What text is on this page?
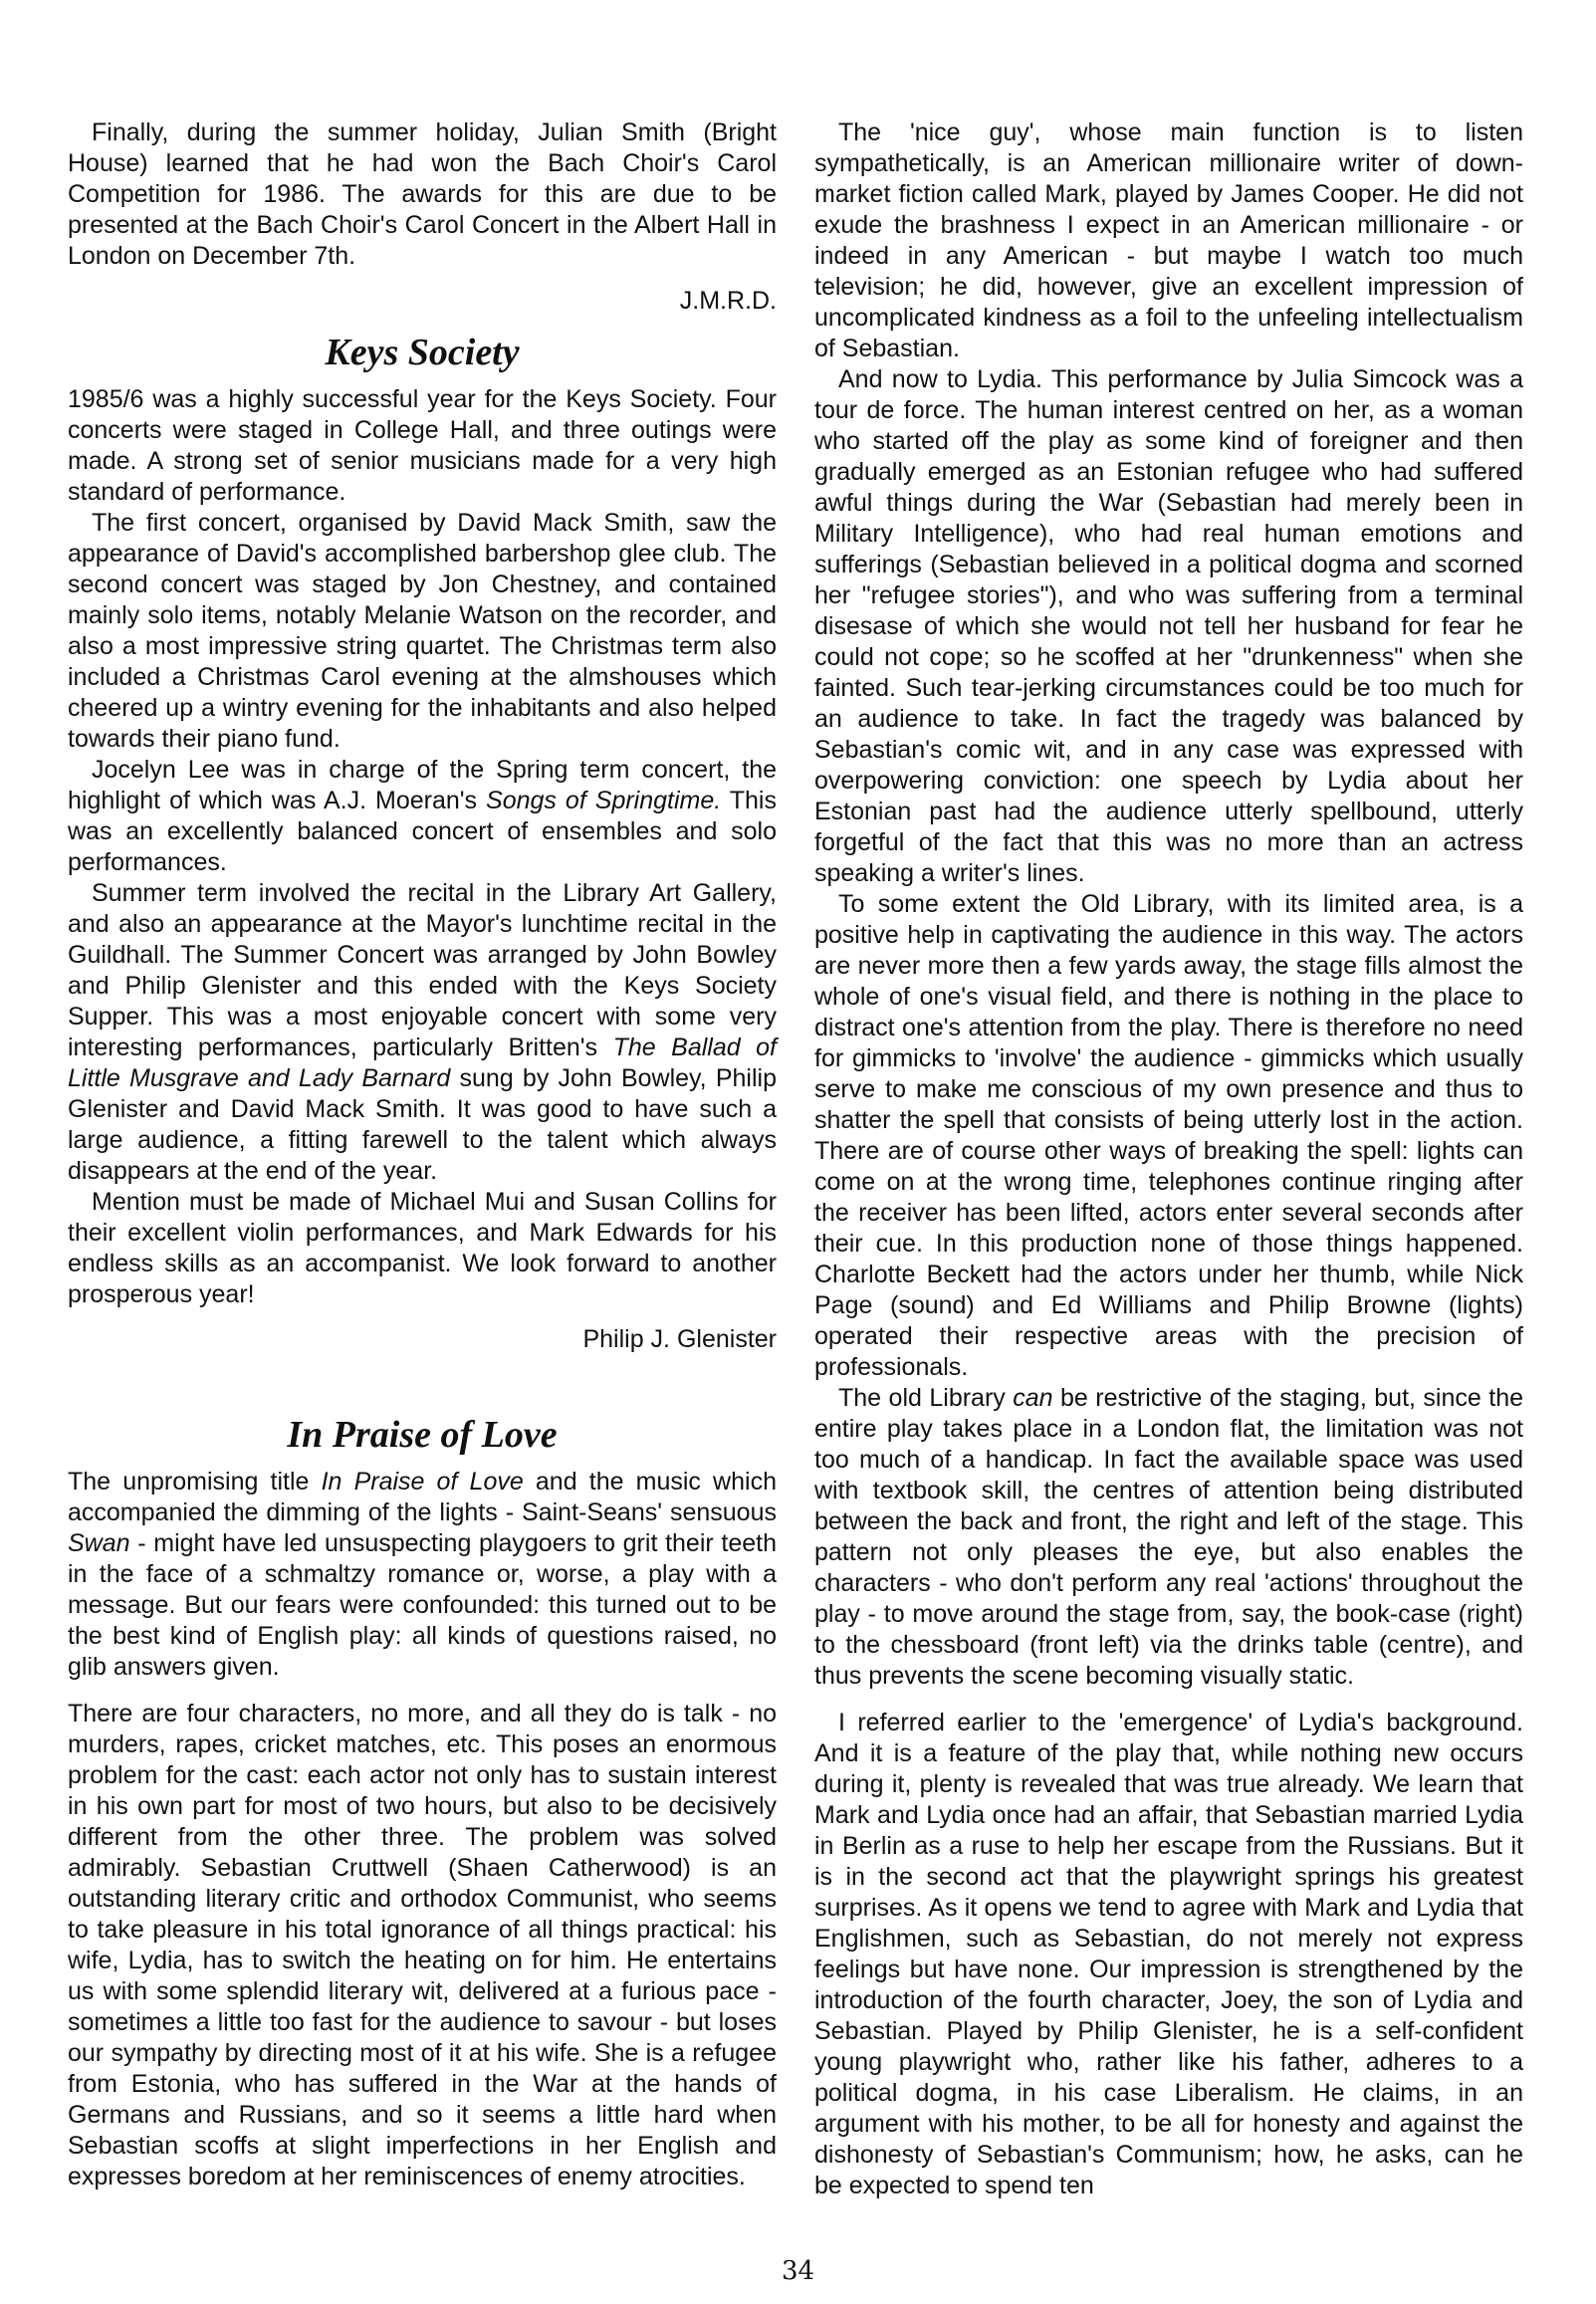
Finally, during the summer holiday, Julian Smith (Bright House) learned that he had won the Bach Choir's Carol Competition for 1986. The awards for this are due to be presented at the Bach Choir's Carol Concert in the Albert Hall in London on December 7th.

J.M.R.D.
Keys Society

1985/6 was a highly successful year for the Keys Society. Four concerts were staged in College Hall, and three outings were made. A strong set of senior musicians made for a very high standard of performance.

The first concert, organised by David Mack Smith, saw the appearance of David's accomplished barbershop glee club. The second concert was staged by Jon Chestney, and contained mainly solo items, notably Melanie Watson on the recorder, and also a most impressive string quartet. The Christmas term also included a Christmas Carol evening at the almshouses which cheered up a wintry evening for the inhabitants and also helped towards their piano fund.

Jocelyn Lee was in charge of the Spring term concert, the highlight of which was A.J. Moeran's Songs of Springtime. This was an excellently balanced concert of ensembles and solo performances.

Summer term involved the recital in the Library Art Gallery, and also an appearance at the Mayor's lunchtime recital in the Guildhall. The Summer Concert was arranged by John Bowley and Philip Glenister and this ended with the Keys Society Supper. This was a most enjoyable concert with some very interesting performances, particularly Britten's The Ballad of Little Musgrave and Lady Barnard sung by John Bowley, Philip Glenister and David Mack Smith. It was good to have such a large audience, a fitting farewell to the talent which always disappears at the end of the year.

Mention must be made of Michael Mui and Susan Collins for their excellent violin performances, and Mark Edwards for his endless skills as an accompanist. We look forward to another prosperous year!

Philip J. Glenister
In Praise of Love

The unpromising title In Praise of Love and the music which accompanied the dimming of the lights - Saint-Seans' sensuous Swan - might have led unsuspecting playgoers to grit their teeth in the face of a schmaltzy romance or, worse, a play with a message. But our fears were confounded: this turned out to be the best kind of English play: all kinds of questions raised, no glib answers given.

There are four characters, no more, and all they do is talk - no murders, rapes, cricket matches, etc. This poses an enormous problem for the cast: each actor not only has to sustain interest in his own part for most of two hours, but also to be decisively different from the other three. The problem was solved admirably. Sebastian Cruttwell (Shaen Catherwood) is an outstanding literary critic and orthodox Communist, who seems to take pleasure in his total ignorance of all things practical: his wife, Lydia, has to switch the heating on for him. He entertains us with some splendid literary wit, delivered at a furious pace - sometimes a little too fast for the audience to savour - but loses our sympathy by directing most of it at his wife. She is a refugee from Estonia, who has suffered in the War at the hands of Germans and Russians, and so it seems a little hard when Sebastian scoffs at slight imperfections in her English and expresses boredom at her reminiscences of enemy atrocities.

The 'nice guy', whose main function is to listen sympathetically, is an American millionaire writer of down-market fiction called Mark, played by James Cooper. He did not exude the brashness I expect in an American millionaire - or indeed in any American - but maybe I watch too much television; he did, however, give an excellent impression of uncomplicated kindness as a foil to the unfeeling intellectualism of Sebastian.

And now to Lydia. This performance by Julia Simcock was a tour de force. The human interest centred on her, as a woman who started off the play as some kind of foreigner and then gradually emerged as an Estonian refugee who had suffered awful things during the War (Sebastian had merely been in Military Intelligence), who had real human emotions and sufferings (Sebastian believed in a political dogma and scorned her "refugee stories"), and who was suffering from a terminal disesase of which she would not tell her husband for fear he could not cope; so he scoffed at her "drunkenness" when she fainted. Such tear-jerking circumstances could be too much for an audience to take. In fact the tragedy was balanced by Sebastian's comic wit, and in any case was expressed with overpowering conviction: one speech by Lydia about her Estonian past had the audience utterly spellbound, utterly forgetful of the fact that this was no more than an actress speaking a writer's lines.

To some extent the Old Library, with its limited area, is a positive help in captivating the audience in this way. The actors are never more then a few yards away, the stage fills almost the whole of one's visual field, and there is nothing in the place to distract one's attention from the play. There is therefore no need for gimmicks to 'involve' the audience - gimmicks which usually serve to make me conscious of my own presence and thus to shatter the spell that consists of being utterly lost in the action. There are of course other ways of breaking the spell: lights can come on at the wrong time, telephones continue ringing after the receiver has been lifted, actors enter several seconds after their cue. In this production none of those things happened. Charlotte Beckett had the actors under her thumb, while Nick Page (sound) and Ed Williams and Philip Browne (lights) operated their respective areas with the precision of professionals.

The old Library can be restrictive of the staging, but, since the entire play takes place in a London flat, the limitation was not too much of a handicap. In fact the available space was used with textbook skill, the centres of attention being distributed between the back and front, the right and left of the stage. This pattern not only pleases the eye, but also enables the characters - who don't perform any real 'actions' throughout the play - to move around the stage from, say, the book-case (right) to the chessboard (front left) via the drinks table (centre), and thus prevents the scene becoming visually static.

I referred earlier to the 'emergence' of Lydia's background. And it is a feature of the play that, while nothing new occurs during it, plenty is revealed that was true already. We learn that Mark and Lydia once had an affair, that Sebastian married Lydia in Berlin as a ruse to help her escape from the Russians. But it is in the second act that the playwright springs his greatest surprises. As it opens we tend to agree with Mark and Lydia that Englishmen, such as Sebastian, do not merely not express feelings but have none. Our impression is strengthened by the introduction of the fourth character, Joey, the son of Lydia and Sebastian. Played by Philip Glenister, he is a self-confident young playwright who, rather like his father, adheres to a political dogma, in his case Liberalism. He claims, in an argument with his mother, to be all for honesty and against the dishonesty of Sebastian's Communism; how, he asks, can he be expected to spend ten

34
